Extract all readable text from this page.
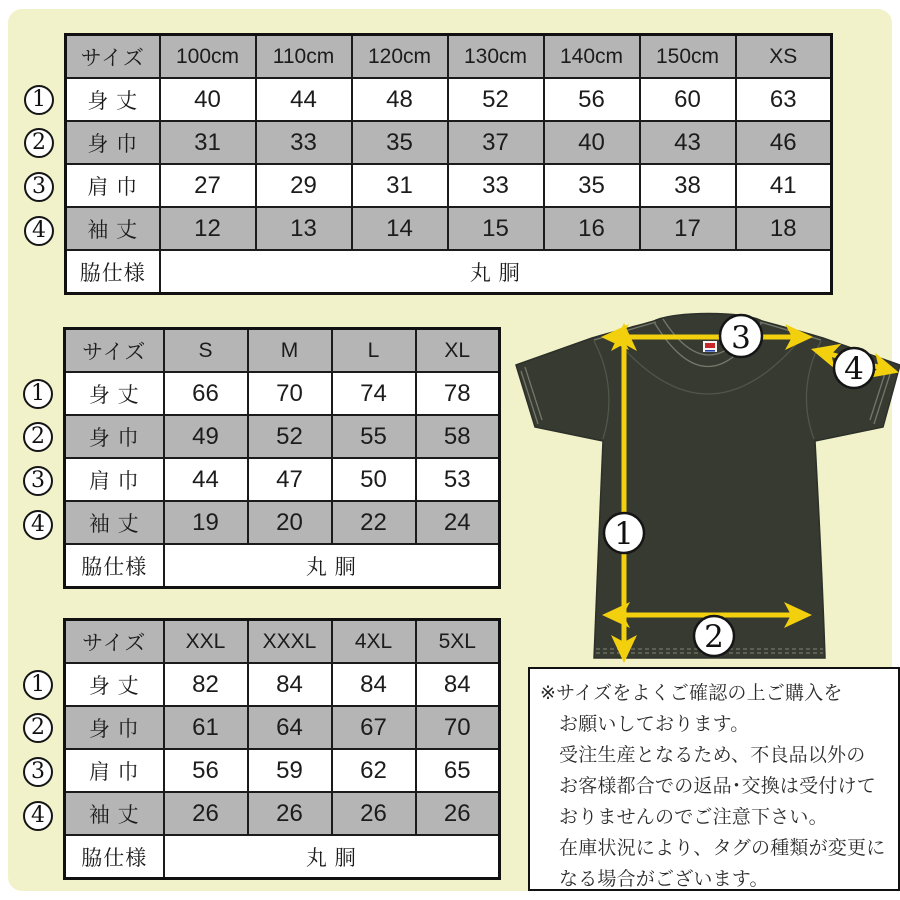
サイズ	100cm	110cm	120cm	130cm	140cm	150cm	XS
身 丈	40	44	48	52	56	60	63
身 巾	31	33	35	37	40	43	46
肩 巾	27	29	31	33	35	38	41
袖 丈	12	13	14	15	16	17	18
脇仕様	丸 胴						
1
2
3
4
サイズ	S	M	L	XL
身 丈	66	70	74	78
身 巾	49	52	55	58
肩 巾	44	47	50	53
袖 丈	19	20	22	24
脇仕様	丸 胴			
1
2
3
4
サイズ	XXL	XXXL	4XL	5XL
身 丈	82	84	84	84
身 巾	61	64	67	70
肩 巾	56	59	62	65
袖 丈	26	26	26	26
脇仕様	丸 胴			
1
2
3
4
1
2
3
4
※サイズをよくご確認の上ご購入を
お願いしております。
受注生産となるため、不良品以外の
お客様都合での返品･交換は受付けて
おりませんのでご注意下さい。
在庫状況により、タグの種類が変更に
なる場合がございます。
